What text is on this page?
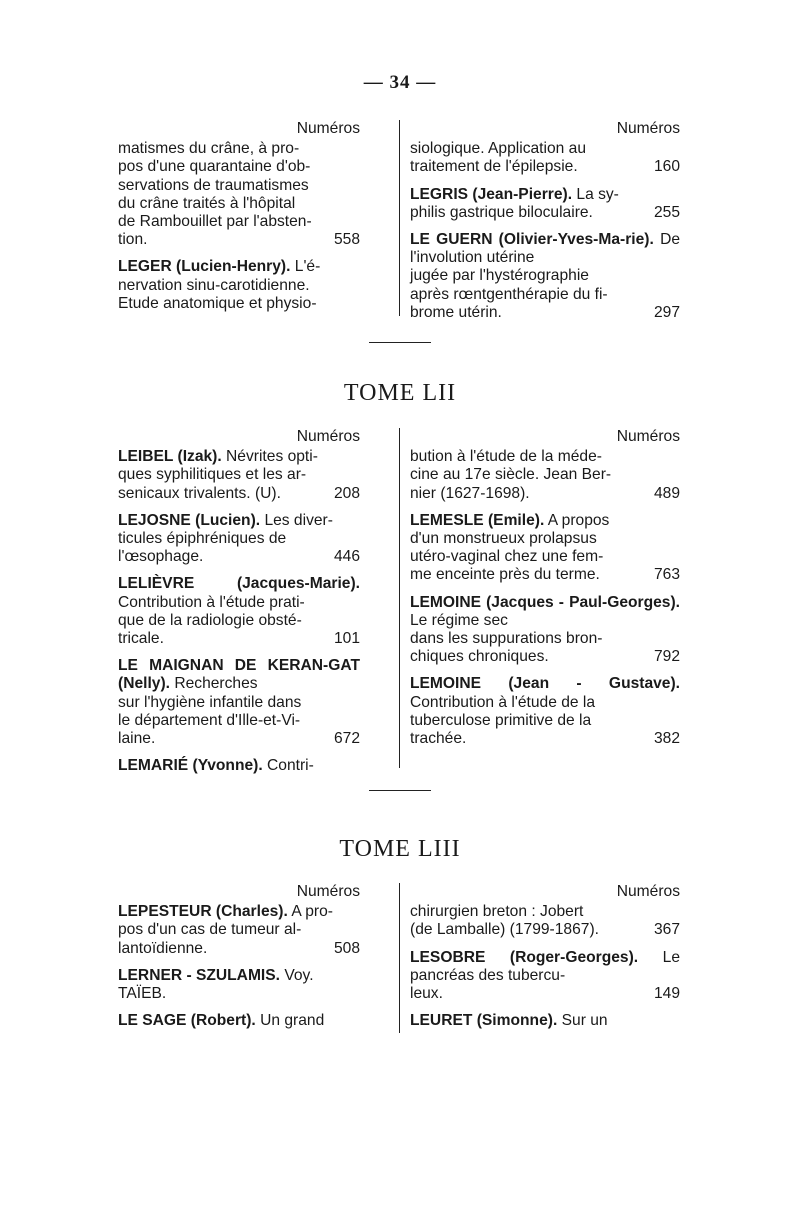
— 34 —
Numéros

matismes du crâne, à pro-

pos d'une quarantaine d'ob-

servations de traumatismes

du crâne traités à l'hôpital

de Rambouillet par l'absten-

tion.	558

LEGER (Lucien-Henry). L'é-

nervation sinu-carotidienne.

Etude anatomique et physio-

Numéros

siologique. Application au

traitement de l'épilepsie.	160

LEGRIS (Jean-Pierre). La sy-

philis gastrique biloculaire.	255

LE GUERN (Olivier-Yves-Ma-rie). De l'involution utérine

jugée par l'hystérographie

après rœntgenthérapie du fi-

brome utérin.	297
TOME LII
Numéros

LEIBEL (Izak). Névrites opti-

ques syphilitiques et les ar-

senicaux trivalents. (U).	208

LEJOSNE (Lucien). Les diver-

ticules épiphréniques de

l'œsophage.	446

LELIÈVRE (Jacques-Marie). Contribution à l'étude prati-

que de la radiologie obsté-

tricale.	101

LE MAIGNAN DE KERAN-GAT (Nelly). Recherches

sur l'hygiène infantile dans

le département d'Ille-et-Vi-

laine.	672

LEMARIÉ (Yvonne). Contri-

Numéros

bution à l'étude de la méde-

cine au 17e siècle. Jean Ber-

nier (1627-1698).	489

LEMESLE (Emile). A propos

d'un monstrueux prolapsus

utéro-vaginal chez une fem-

me enceinte près du terme.	763

LEMOINE (Jacques - Paul-Georges). Le régime sec

dans les suppurations bron-

chiques chroniques.	792

LEMOINE (Jean - Gustave). Contribution à l'étude de la

tuberculose primitive de la

trachée.	382
TOME LIII
Numéros

LEPESTEUR (Charles). A pro-

pos d'un cas de tumeur al-

lantoïdienne.	508

LERNER - SZULAMIS. Voy.

TAÏEB.

LE SAGE (Robert). Un grand

Numéros

chirurgien breton : Jobert

(de Lamballe) (1799-1867).	367

LESOBRE (Roger-Georges). Le pancréas des tubercu-

leux.	149

LEURET (Simonne). Sur un
